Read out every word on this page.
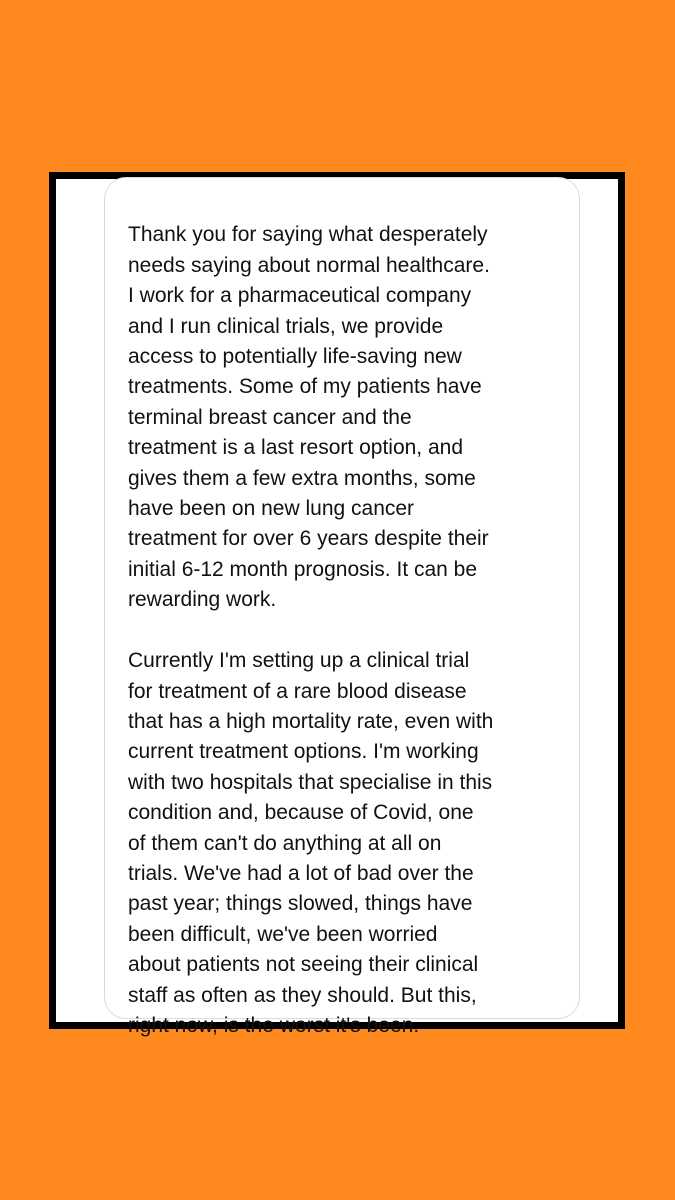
Thank you for saying what desperately
needs saying about normal healthcare.
I work for a pharmaceutical company
and I run clinical trials, we provide
access to potentially life-saving new
treatments. Some of my patients have
terminal breast cancer and the
treatment is a last resort option, and
gives them a few extra months, some
have been on new lung cancer
treatment for over 6 years despite their
initial 6-12 month prognosis. It can be
rewarding work.

Currently I'm setting up a clinical trial
for treatment of a rare blood disease
that has a high mortality rate, even with
current treatment options. I'm working
with two hospitals that specialise in this
condition and, because of Covid, one
of them can't do anything at all on
trials. We've had a lot of bad over the
past year; things slowed, things have
been difficult, we've been worried
about patients not seeing their clinical
staff as often as they should. But this,
right now, is the worst it's been.
